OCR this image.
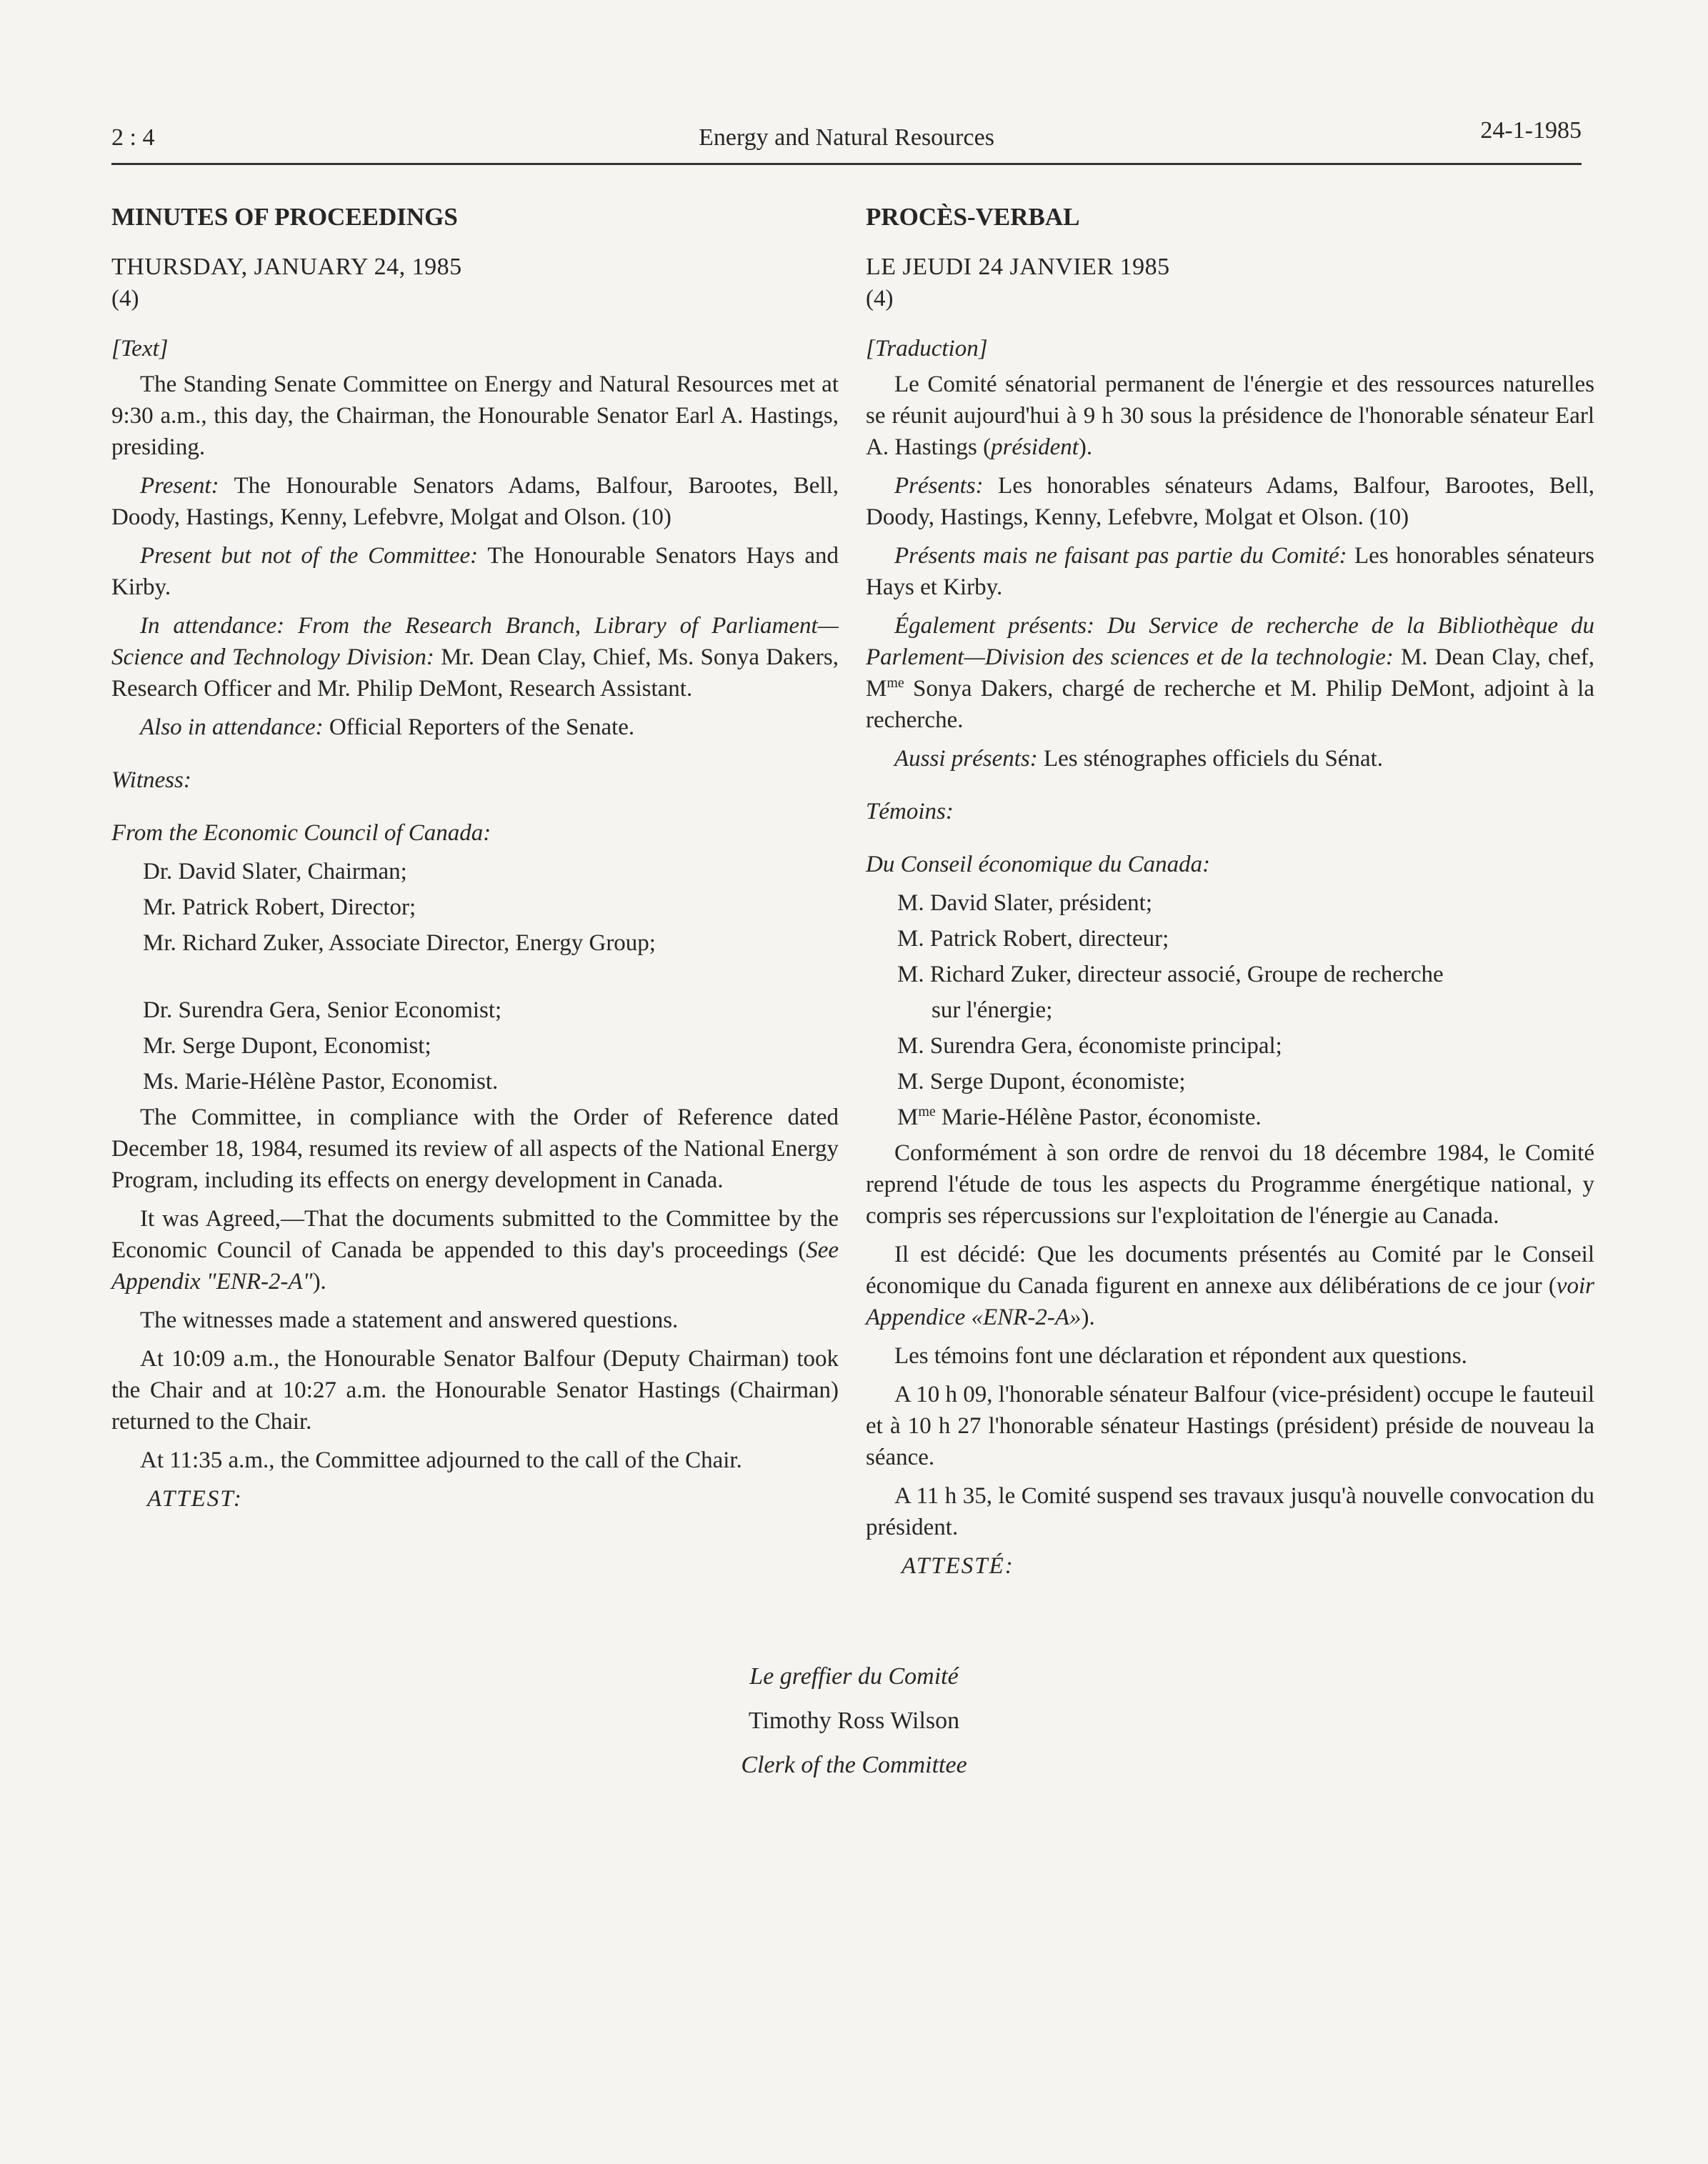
2 : 4	Energy and Natural Resources	24-1-1985
MINUTES OF PROCEEDINGS
THURSDAY, JANUARY 24, 1985
(4)
[Text]

The Standing Senate Committee on Energy and Natural Resources met at 9:30 a.m., this day, the Chairman, the Honourable Senator Earl A. Hastings, presiding.

Present: The Honourable Senators Adams, Balfour, Barootes, Bell, Doody, Hastings, Kenny, Lefebvre, Molgat and Olson. (10)

Present but not of the Committee: The Honourable Senators Hays and Kirby.

In attendance: From the Research Branch, Library of Parliament—Science and Technology Division: Mr. Dean Clay, Chief, Ms. Sonya Dakers, Research Officer and Mr. Philip DeMont, Research Assistant.

Also in attendance: Official Reporters of the Senate.

Witness:
From the Economic Council of Canada:
Dr. David Slater, Chairman;
Mr. Patrick Robert, Director;
Mr. Richard Zuker, Associate Director, Energy Group;
Dr. Surendra Gera, Senior Economist;
Mr. Serge Dupont, Economist;
Ms. Marie-Hélène Pastor, Economist.

The Committee, in compliance with the Order of Reference dated December 18, 1984, resumed its review of all aspects of the National Energy Program, including its effects on energy development in Canada.

It was Agreed,—That the documents submitted to the Committee by the Economic Council of Canada be appended to this day's proceedings (See Appendix "ENR-2-A").

The witnesses made a statement and answered questions.

At 10:09 a.m., the Honourable Senator Balfour (Deputy Chairman) took the Chair and at 10:27 a.m. the Honourable Senator Hastings (Chairman) returned to the Chair.

At 11:35 a.m., the Committee adjourned to the call of the Chair.

ATTEST:
PROCÈS-VERBAL
LE JEUDI 24 JANVIER 1985
(4)
[Traduction]

Le Comité sénatorial permanent de l'énergie et des ressources naturelles se réunit aujourd'hui à 9 h 30 sous la présidence de l'honorable sénateur Earl A. Hastings (président).

Présents: Les honorables sénateurs Adams, Balfour, Barootes, Bell, Doody, Hastings, Kenny, Lefebvre, Molgat et Olson. (10)

Présents mais ne faisant pas partie du Comité: Les honorables sénateurs Hays et Kirby.

Également présents: Du Service de recherche de la Bibliothèque du Parlement—Division des sciences et de la technologie: M. Dean Clay, chef, $M^{me}$ Sonya Dakers, chargé de recherche et M. Philip DeMont, adjoint à la recherche.

Aussi présents: Les sténographes officiels du Sénat.

Témoins:
Du Conseil économique du Canada:
M. David Slater, président;
M. Patrick Robert, directeur;
M. Richard Zuker, directeur associé, Groupe de recherche
sur l'énergie;
M. Surendra Gera, économiste principal;
M. Serge Dupont, économiste;
$M^{me}$ Marie-Hélène Pastor, économiste.

Conformément à son ordre de renvoi du 18 décembre 1984, le Comité reprend l'étude de tous les aspects du Programme énergétique national, y compris ses répercussions sur l'exploitation de l'énergie au Canada.

Il est décidé: Que les documents présentés au Comité par le Conseil économique du Canada figurent en annexe aux délibérations de ce jour (voir Appendice «ENR-2-A»).

Les témoins font une déclaration et répondent aux questions.

A 10 h 09, l'honorable sénateur Balfour (vice-président) occupe le fauteuil et à 10 h 27 l'honorable sénateur Hastings (président) préside de nouveau la séance.

A 11 h 35, le Comité suspend ses travaux jusqu'à nouvelle convocation du président.

ATTESTÉ:
Le greffier du Comité
Timothy Ross Wilson
Clerk of the Committee
